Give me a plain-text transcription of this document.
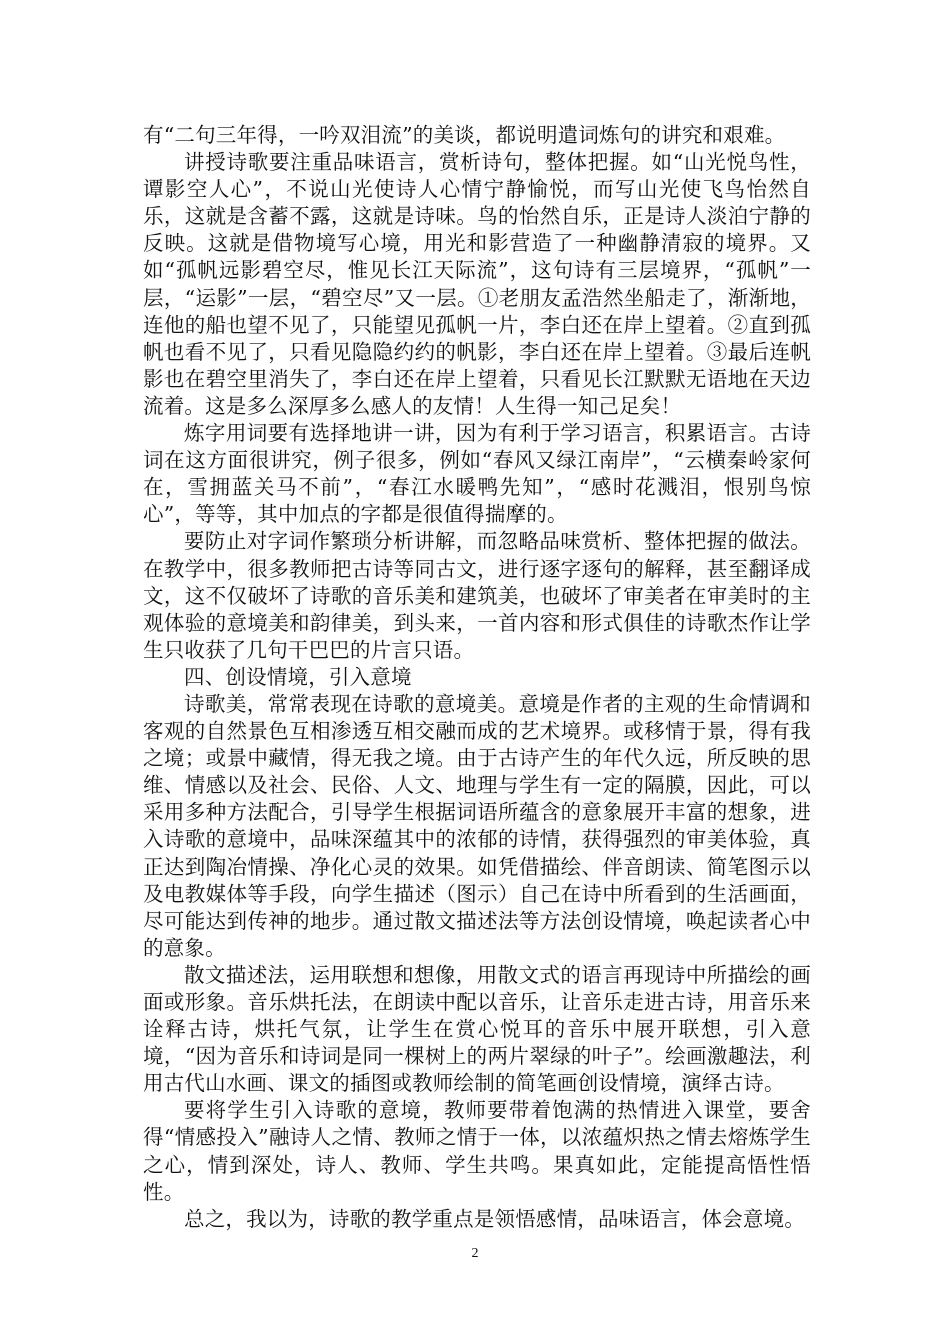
有“二句三年得，一吟双泪流”的美谈，都说明遣词炼句的讲究和艰难。

讲授诗歌要注重品味语言，赏析诗句，整体把握。如“山光悦鸟性，谭影空人心”，不说山光使诗人心情宁静愉悦，而写山光使飞鸟怡然自乐，这就是含蓄不露，这就是诗味。鸟的怡然自乐，正是诗人淡泊宁静的反映。这就是借物境写心境，用光和影营造了一种幽静清寂的境界。又如“孤帆远影碧空尽，惟见长江天际流”，这句诗有三层境界，“孤帆”一层，“运影”一层，“碧空尽”又一层。①老朋友孟浩然坐船走了，渐渐地，连他的船也望不见了，只能望见孤帆一片，李白还在岸上望着。②直到孤帆也看不见了，只看见隐隐约约的帆影，李白还在岸上望着。③最后连帆影也在碧空里消失了，李白还在岸上望着，只看见长江默默无语地在天边流着。这是多么深厚多么感人的友情！人生得一知己足矣！

炼字用词要有选择地讲一讲，因为有利于学习语言，积累语言。古诗词在这方面很讲究，例子很多，例如“春风又绿江南岸”，“云横秦岭家何在，雪拥蓝关马不前”，“春江水暖鸭先知”，“感时花溅泪，恨别鸟惊心”，等等，其中加点的字都是很值得揣摩的。

要防止对字词作繁琐分析讲解，而忽略品味赏析、整体把握的做法。在教学中，很多教师把古诗等同古文，进行逐字逐句的解释，甚至翻译成文，这不仅破坏了诗歌的音乐美和建筑美，也破坏了审美者在审美时的主观体验的意境美和韵律美，到头来，一首内容和形式俱佳的诗歌杰作让学生只收获了几句干巴巴的片言只语。

四、创设情境，引入意境

诗歌美，常常表现在诗歌的意境美。意境是作者的主观的生命情调和客观的自然景色互相渗透互相交融而成的艺术境界。或移情于景，得有我之境；或景中藏情，得无我之境。由于古诗产生的年代久远，所反映的思维、情感以及社会、民俗、人文、地理与学生有一定的隔膜，因此，可以采用多种方法配合，引导学生根据词语所蕴含的意象展开丰富的想象，进入诗歌的意境中，品味深蕴其中的浓郁的诗情，获得强烈的审美体验，真正达到陶冶情操、净化心灵的效果。如凭借描绘、伴音朗读、简笔图示以及电教媒体等手段，向学生描述（图示）自己在诗中所看到的生活画面，尽可能达到传神的地步。通过散文描述法等方法创设情境，唤起读者心中的意象。

散文描述法，运用联想和想像，用散文式的语言再现诗中所描绘的画面或形象。音乐烘托法，在朗读中配以音乐，让音乐走进古诗，用音乐来诠释古诗，烘托气氛，让学生在赏心悦耳的音乐中展开联想，引入意境，“因为音乐和诗词是同一棵树上的两片翠绿的叶子”。绘画激趣法，利用古代山水画、课文的插图或教师绘制的简笔画创设情境，演绎古诗。

要将学生引入诗歌的意境，教师要带着饱满的热情进入课堂，要舍得“情感投入”融诗人之情、教师之情于一体，以浓蕴炽热之情去熔炼学生之心，情到深处，诗人、教师、学生共鸣。果真如此，定能提高悟性悟性。

总之，我以为，诗歌的教学重点是领悟感情，品味语言，体会意境。

2
